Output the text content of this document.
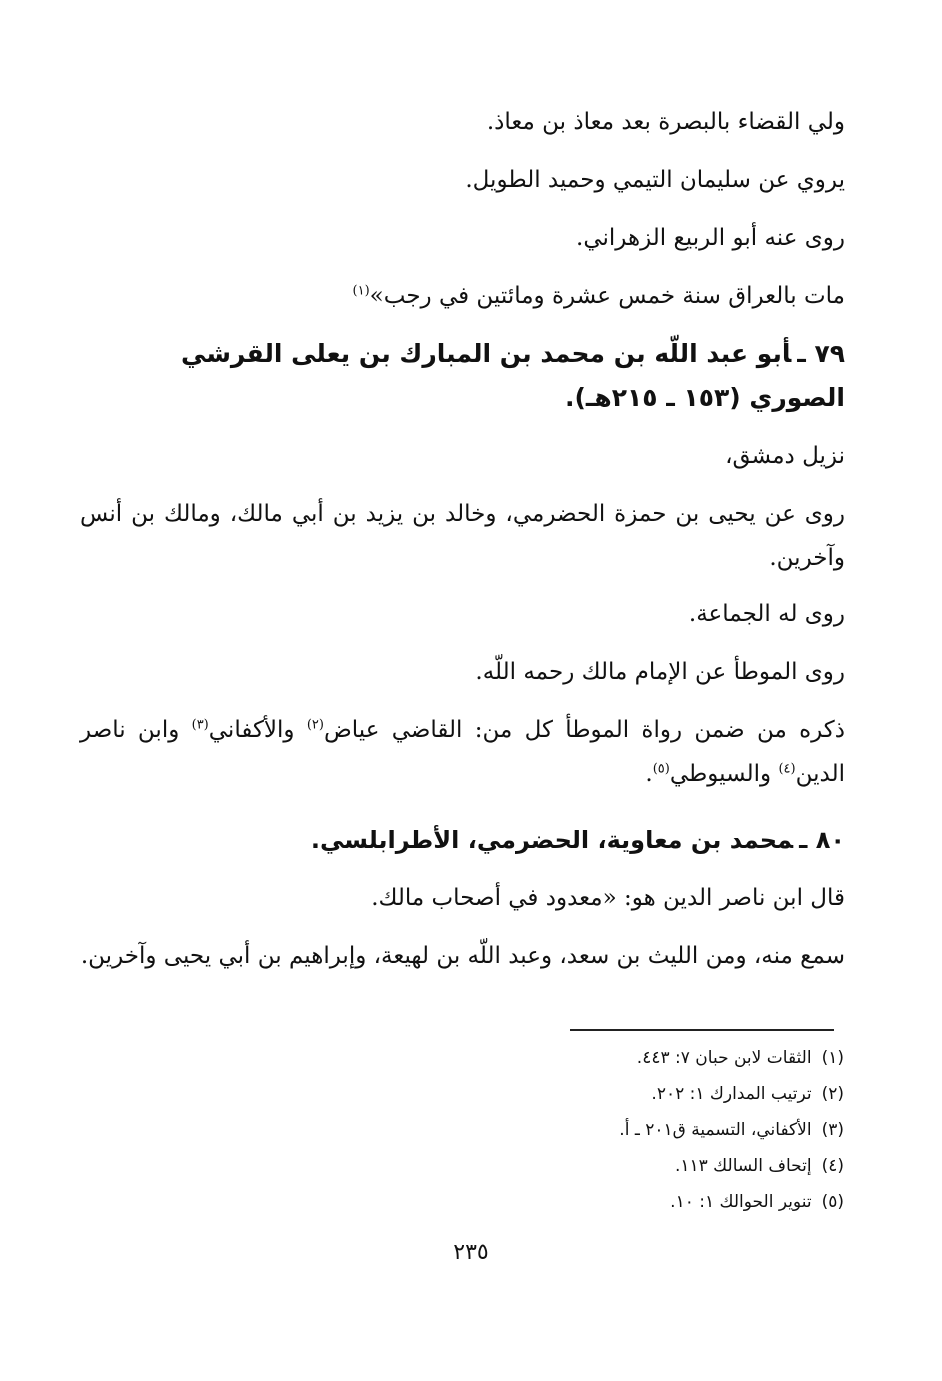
ولي القضاء بالبصرة بعد معاذ بن معاذ.
يروي عن سليمان التيمي وحميد الطويل.
روى عنه أبو الربيع الزهراني.
مات بالعراق سنة خمس عشرة ومائتين في رجب»$^{(١)}$
٧٩ ـأبو عبد اللّه بن محمد بن المبارك بن يعلى القرشي الصوري (١٥٣ ـ ٢١٥هـ).
نزيل دمشق،
روى عن يحيى بن حمزة الحضرمي، وخالد بن يزيد بن أبي مالك، ومالك بن أنس وآخرين.
روى له الجماعة.
روى الموطأ عن الإمام مالك رحمه اللّه.
ذكره من ضمن رواة الموطأ كل من: القاضي عياض$^{(٢)}$ والأكفاني$^{(٣)}$ وابن ناصر الدين$^{(٤)}$ والسيوطي$^{(٥)}$.
٨٠ ـمحمد بن معاوية، الحضرمي، الأطرابلسي.
قال ابن ناصر الدين هو: «معدود في أصحاب مالك.
سمع منه، ومن الليث بن سعد، وعبد اللّه بن لهيعة، وإبراهيم بن أبي يحيى وآخرين.
(١)الثقات لابن حبان ٧: ٤٤٣.
(٢)ترتيب المدارك ١: ٢٠٢.
(٣)الأكفاني، التسمية ق٢٠١ ـ أ.
(٤)إتحاف السالك ١١٣.
(٥)تنوير الحوالك ١: ١٠.
٢٣٥
